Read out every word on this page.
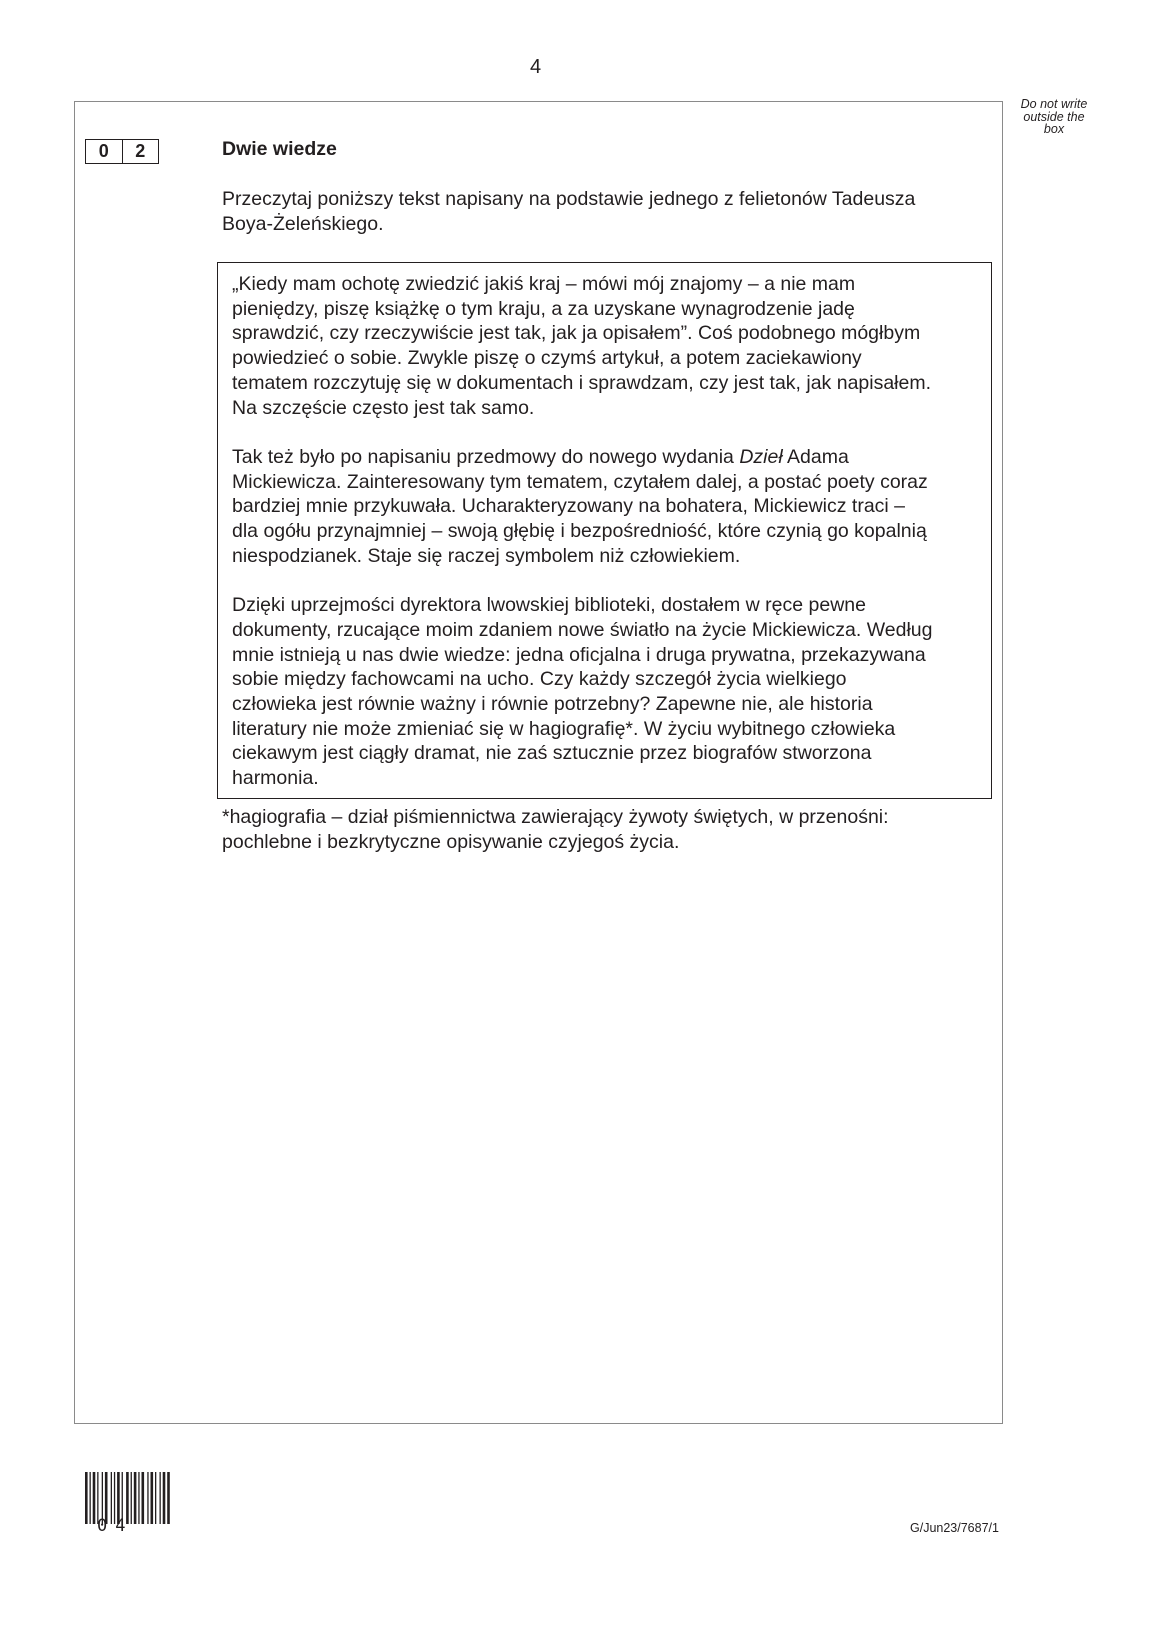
4
Do not write
outside the
box
0	2	Dwie wiedze
Przeczytaj poniższy tekst napisany na podstawie jednego z felietonów Tadeusza
Boya-Żeleńskiego.
„Kiedy mam ochotę zwiedzić jakiś kraj – mówi mój znajomy – a nie mam
pieniędzy, piszę książkę o tym kraju, a za uzyskane wynagrodzenie jadę
sprawdzić, czy rzeczywiście jest tak, jak ja opisałem”. Coś podobnego mógłbym
powiedzieć o sobie. Zwykle piszę o czymś artykuł, a potem zaciekawiony
tematem rozczytuję się w dokumentach i sprawdzam, czy jest tak, jak napisałem.
Na szczęście często jest tak samo.
Tak też było po napisaniu przedmowy do nowego wydania Dzieł Adama
Mickiewicza. Zainteresowany tym tematem, czytałem dalej, a postać poety coraz
bardziej mnie przykuwała. Ucharakteryzowany na bohatera, Mickiewicz traci –
dla ogółu przynajmniej – swoją głębię i bezpośredniość, które czynią go kopalnią
niespodzianek. Staje się raczej symbolem niż człowiekiem.
Dzięki uprzejmości dyrektora lwowskiej biblioteki, dostałem w ręce pewne
dokumenty, rzucające moim zdaniem nowe światło na życie Mickiewicza. Według
mnie istnieją u nas dwie wiedze: jedna oficjalna i druga prywatna, przekazywana
sobie między fachowcami na ucho. Czy każdy szczegół życia wielkiego
człowieka jest równie ważny i równie potrzebny? Zapewne nie, ale historia
literatury nie może zmieniać się w hagiografię*. W życiu wybitnego człowieka
ciekawym jest ciągły dramat, nie zaś sztucznie przez biografów stworzona
harmonia.
*hagiografia – dział piśmiennictwa zawierający żywoty świętych, w przenośni:
pochlebne i bezkrytyczne opisywanie czyjegoś życia.
04	G/Jun23/7687/1
